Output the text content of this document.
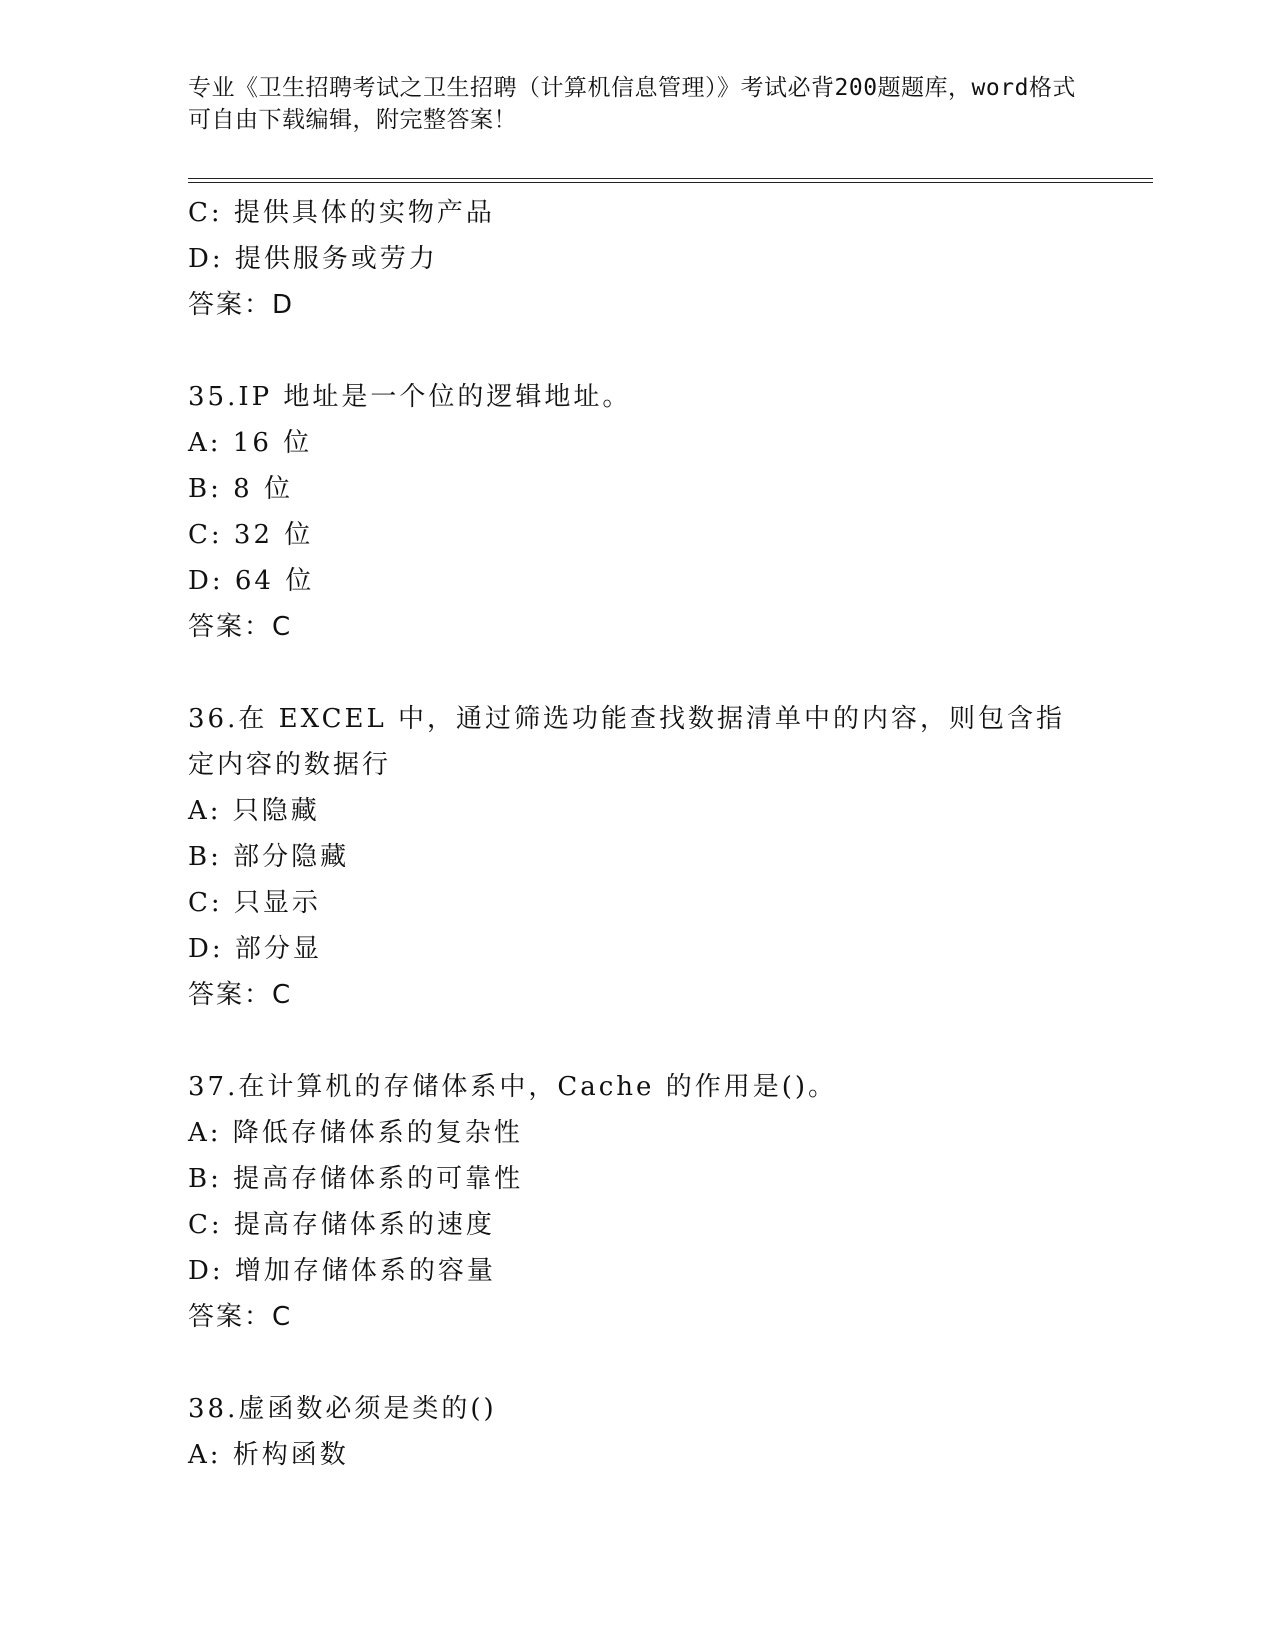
专业《卫生招聘考试之卫生招聘（计算机信息管理）》考试必背200题题库，word格式可自由下载编辑，附完整答案！

C: 提供具体的实物产品

D: 提供服务或劳力

答案：D

35.IP 地址是一个位的逻辑地址。

A: 16 位

B: 8 位

C: 32 位

D: 64 位

答案：C

36.在 EXCEL 中，通过筛选功能查找数据清单中的内容，则包含指定内容的数据行

A: 只隐藏

B: 部分隐藏

C: 只显示

D: 部分显

答案：C

37.在计算机的存储体系中，Cache 的作用是()。

A: 降低存储体系的复杂性

B: 提高存储体系的可靠性

C: 提高存储体系的速度

D: 增加存储体系的容量

答案：C

38.虚函数必须是类的()

A: 析构函数
